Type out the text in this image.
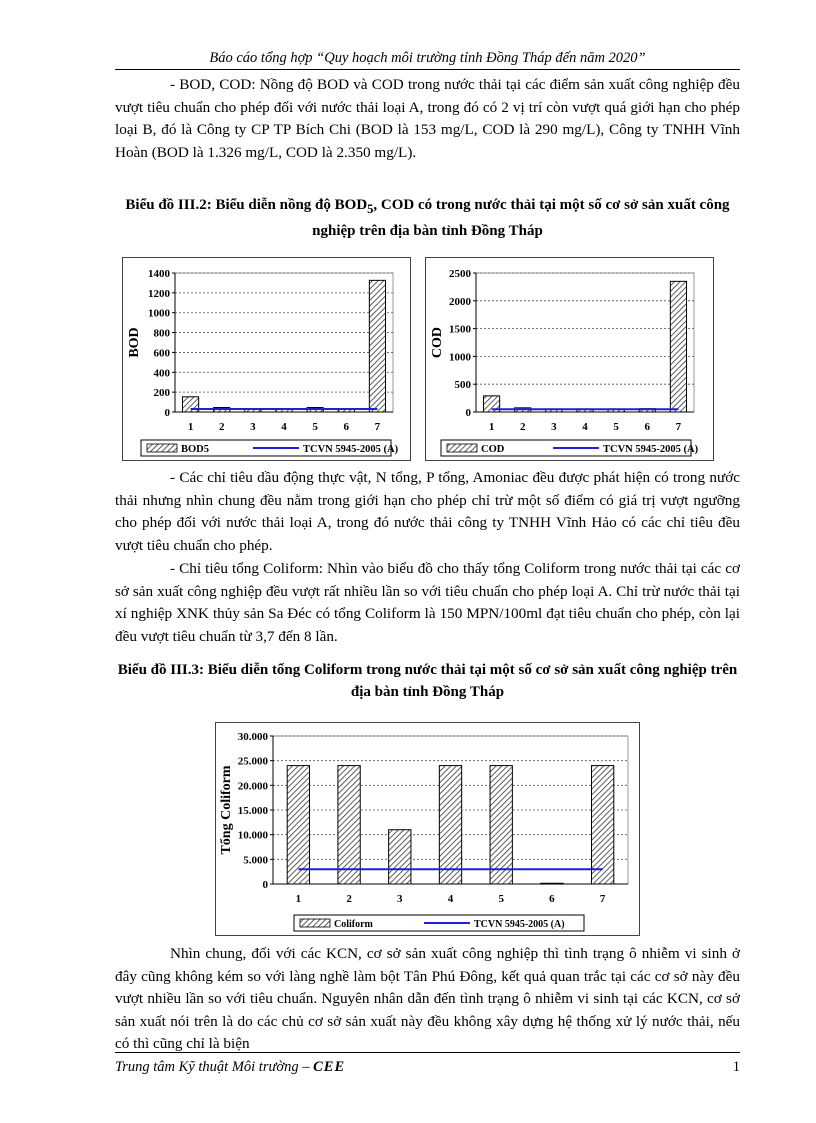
Báo cáo tổng hợp “Quy hoạch môi trường tỉnh Đồng Tháp đến năm 2020”

- BOD, COD: Nồng độ BOD và COD trong nước thải tại các điểm sản xuất công nghiệp đều vượt tiêu chuẩn cho phép đối với nước thải loại A, trong đó có 2 vị trí còn vượt quá giới hạn cho phép loại B, đó là Công ty CP TP Bích Chi (BOD là 153 mg/L, COD là 290 mg/L), Công ty TNHH Vĩnh Hoàn (BOD là 1.326 mg/L, COD là 2.350 mg/L).

Biểu đồ III.2: Biểu diễn nồng độ $BOD_5$, COD có trong nước thải tại một số cơ sở sản xuất công nghiệp trên địa bàn tỉnh Đồng Tháp

0
200
400
600
800
1000
1200
1400
1 2 3 4 5 6 7
BOD
BOD5	TCVN 5945-2005 (A)
0
500
1000
1500
2000
2500
1 2 3 4 5 6 7
COD
COD	TCVN 5945-2005 (A)

- Các chỉ tiêu dầu động thực vật, N tổng, P tổng, Amoniac đều được phát hiện có trong nước thải nhưng nhìn chung đều nằm trong giới hạn cho phép chỉ trừ một số điểm có giá trị vượt ngưỡng cho phép đối với nước thải loại A, trong đó nước thải công ty TNHH Vĩnh Hảo có các chỉ tiêu đều vượt tiêu chuẩn cho phép.

- Chỉ tiêu tổng Coliform: Nhìn vào biểu đồ cho thấy tổng Coliform trong nước thải tại các cơ sở sản xuất công nghiệp đều vượt rất nhiều lần so với tiêu chuẩn cho phép loại A. Chỉ trừ nước thải tại xí nghiệp XNK thủy sản Sa Đéc có tổng Coliform là 150 MPN/100ml đạt tiêu chuẩn cho phép, còn lại đều vượt tiêu chuẩn từ 3,7 đến 8 lần.

Biểu đồ III.3: Biểu diễn tổng Coliform trong nước thải tại một số cơ sở sản xuất công nghiệp trên địa bàn tỉnh Đồng Tháp

0
5.000
10.000
15.000
20.000
25.000
30.000
1	2	3	4	5	6	7
Tổng Coliform
Coliform	TCVN 5945-2005 (A)

Nhìn chung, đối với các KCN, cơ sở sản xuất công nghiệp thì tình trạng ô nhiễm vi sinh ở đây cũng không kém so với làng nghề làm bột Tân Phú Đông, kết quả quan trắc tại các cơ sở này đều vượt nhiều lần so với tiêu chuẩn. Nguyên nhân dẫn đến tình trạng ô nhiễm vi sinh tại các KCN, cơ sở sản xuất nói trên là do các chủ cơ sở sản xuất này đều không xây dựng hệ thống xử lý nước thải, nếu có thì cũng chỉ là biện

Trung tâm Kỹ thuật Môi trường – CEE	1
